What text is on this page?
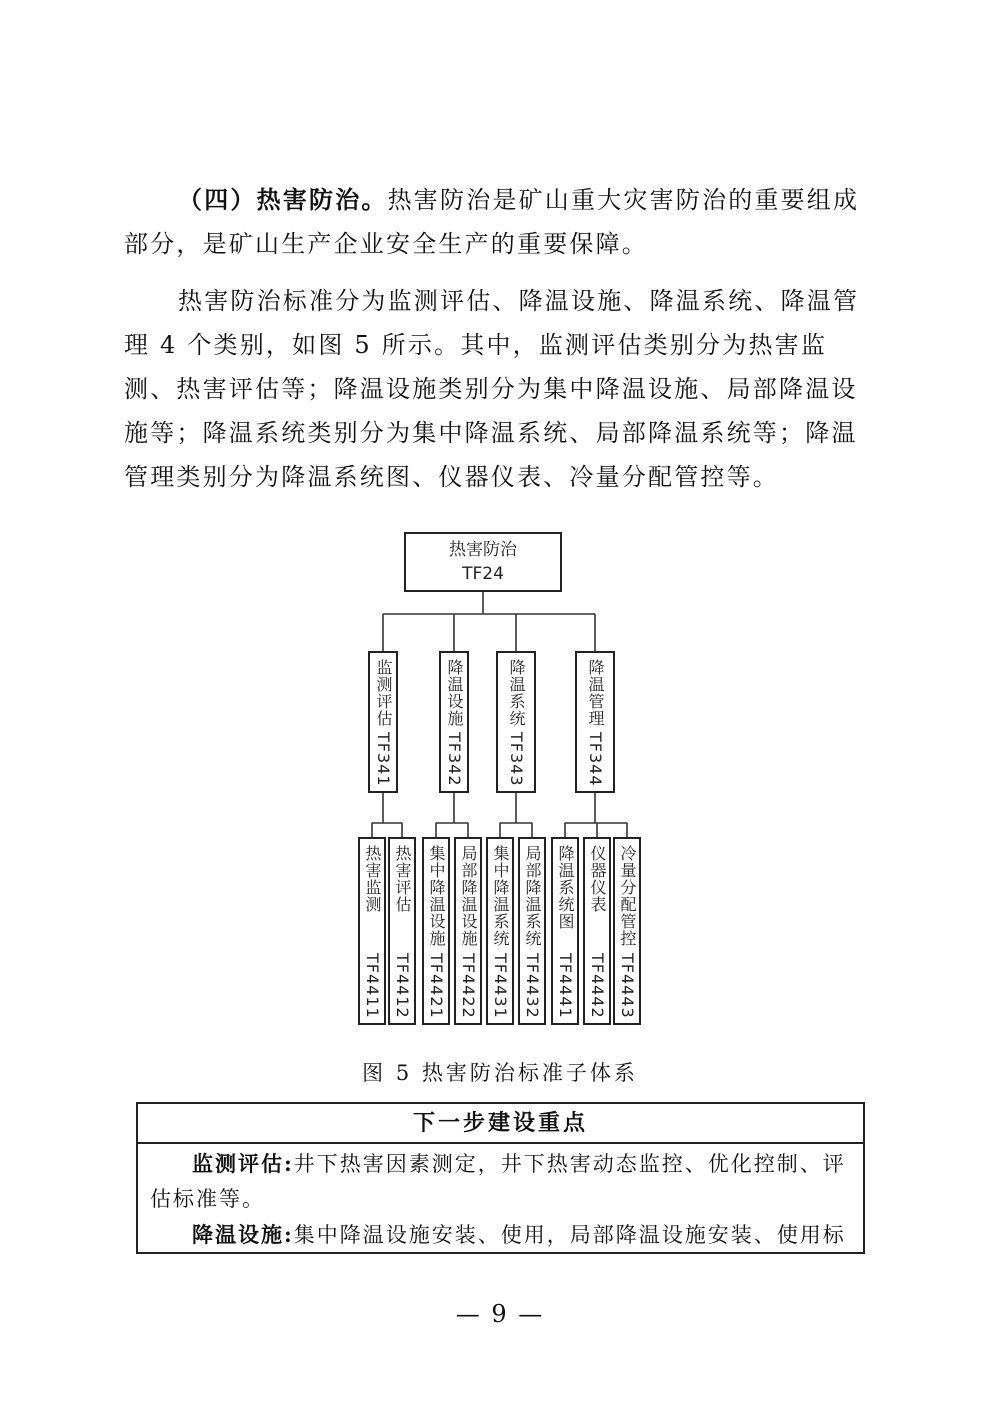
（四）热害防治。热害防治是矿山重大灾害防治的重要组成部分，是矿山生产企业安全生产的重要保障。

热害防治标准分为监测评估、降温设施、降温系统、降温管理 4 个类别，如图 5 所示。其中，监测评估类别分为热害监测、热害评估等；降温设施类别分为集中降温设施、局部降温设施等；降温系统类别分为集中降温系统、局部降温系统等；降温管理类别分为降温系统图、仪器仪表、冷量分配管控等。

热害防治
TF24
监测评估
TF341
降温设施
TF342
降温系统
TF343
降温管理
TF344
热害监测
TF4411
热害评估
TF4412
集中降温设施
TF4421
局部降温设施
TF4422
集中降温系统
TF4431
局部降温系统
TF4432
降温系统图
TF4441
仪器仪表
TF4442
冷量分配管控
TF4443
图 5 热害防治标准子体系
下一步建设重点

监测评估:井下热害因素测定，井下热害动态监控、优化控制、评估标准等。

降温设施:集中降温设施安装、使用，局部降温设施安装、使用标

— 9 —
